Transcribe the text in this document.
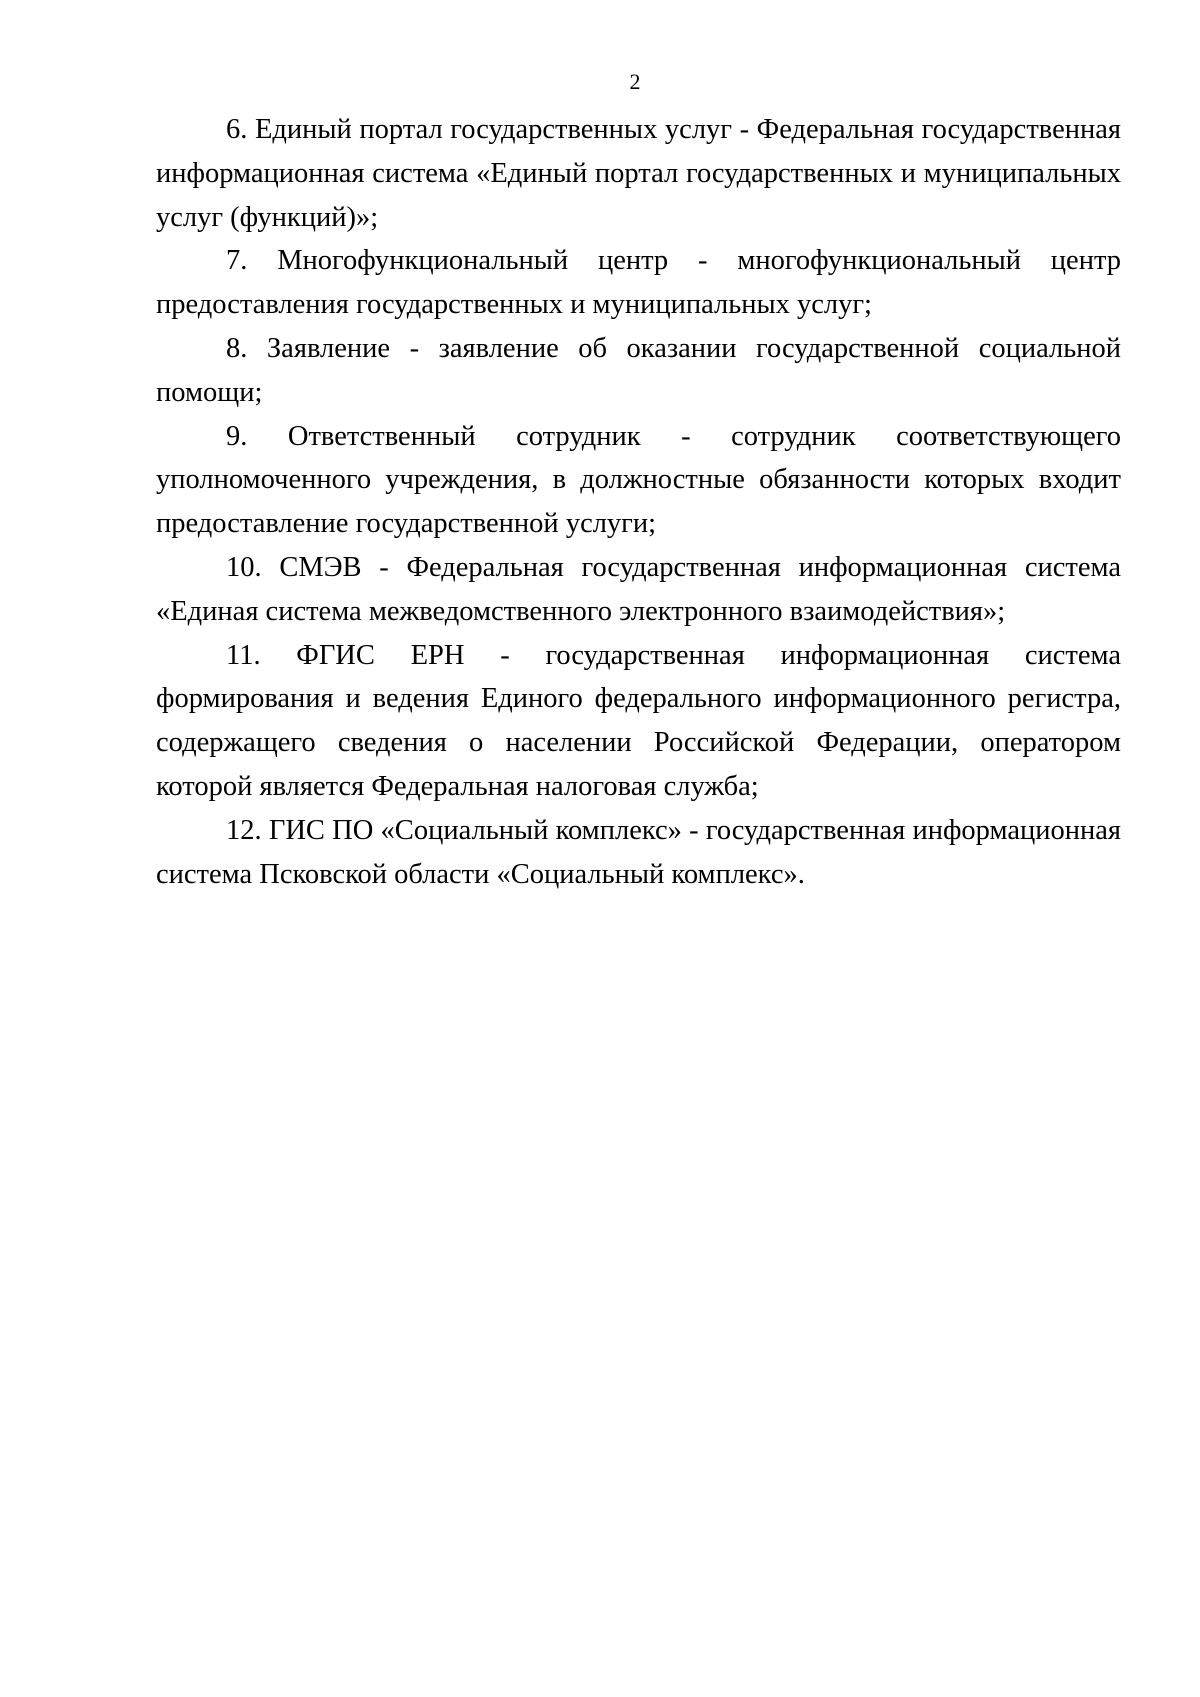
2

6. Единый портал государственных услуг - Федеральная государственная информационная система «Единый портал государственных и муниципальных услуг (функций)»;

7. Многофункциональный центр - многофункциональный центр предоставления государственных и муниципальных услуг;

8. Заявление - заявление об оказании государственной социальной помощи;

9. Ответственный сотрудник - сотрудник соответствующего уполномоченного учреждения, в должностные обязанности которых входит предоставление государственной услуги;

10. СМЭВ - Федеральная государственная информационная система «Единая система межведомственного электронного взаимодействия»;

11. ФГИС ЕРН - государственная информационная система формирования и ведения Единого федерального информационного регистра, содержащего сведения о населении Российской Федерации, оператором которой является Федеральная налоговая служба;

12. ГИС ПО «Социальный комплекс» - государственная информационная система Псковской области «Социальный комплекс».
